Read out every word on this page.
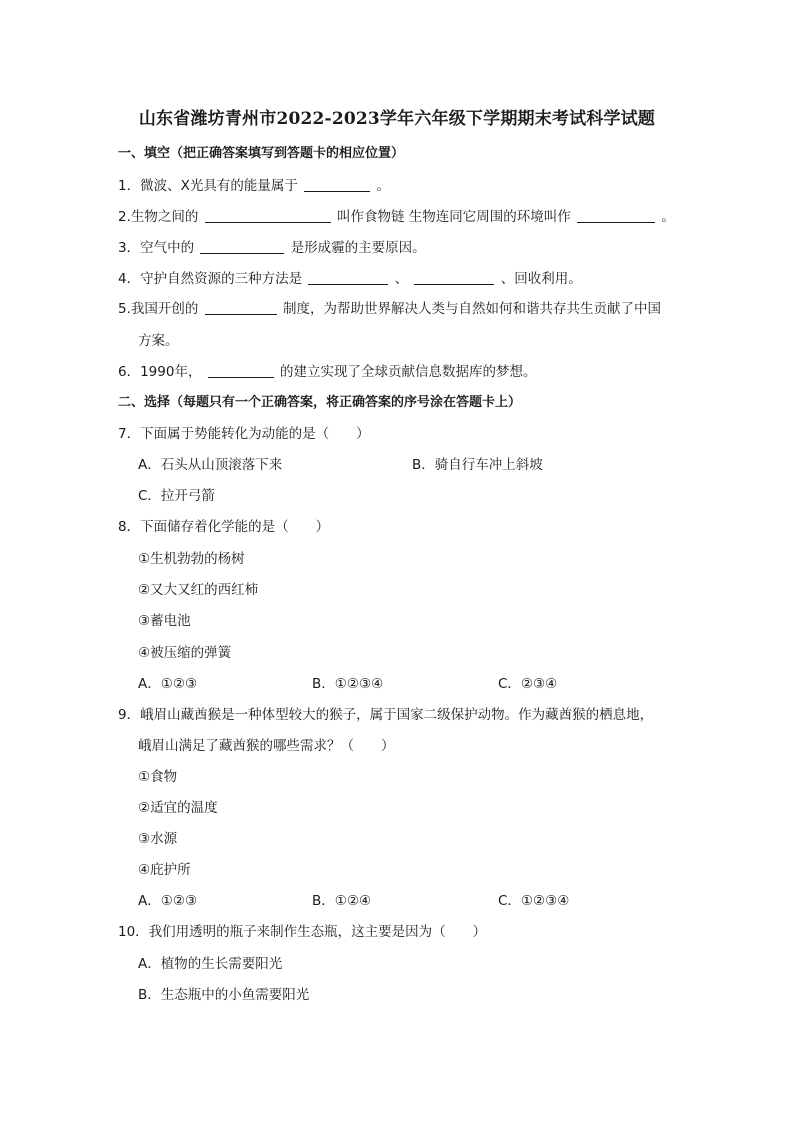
山东省潍坊青州市2022-2023学年六年级下学期期末考试科学试题
一、填空（把正确答案填写到答题卡的相应位置）
1．微波、X光具有的能量属于	。
2.生物之间的	叫作食物链 生物连同它周围的环境叫作	。
3．空气中的	是形成霾的主要原因。
4．守护自然资源的三种方法是	、	、回收利用。
5.我国开创的	制度，为帮助世界解决人类与自然如何和谐共存共生贡献了中国
方案。
6．1990年，	的建立实现了全球贡献信息数据库的梦想。
二、选择（每题只有一个正确答案，将正确答案的序号涂在答题卡上）
7．下面属于势能转化为动能的是（　　）
A．石头从山顶滚落下来	B．骑自行车冲上斜坡
C．拉开弓箭
8．下面储存着化学能的是（　　）
①生机勃勃的杨树
②又大又红的西红柿
③蓄电池
④被压缩的弹簧
A．①②③	B．①②③④	C．②③④
9．峨眉山藏酋猴是一种体型较大的猴子，属于国家二级保护动物。作为藏酋猴的栖息地，
峨眉山满足了藏酋猴的哪些需求？（　　）
①食物
②适宜的温度
③水源
④庇护所
A．①②③	B．①②④	C．①②③④
10．我们用透明的瓶子来制作生态瓶，这主要是因为（　　）
A．植物的生长需要阳光
B．生态瓶中的小鱼需要阳光
